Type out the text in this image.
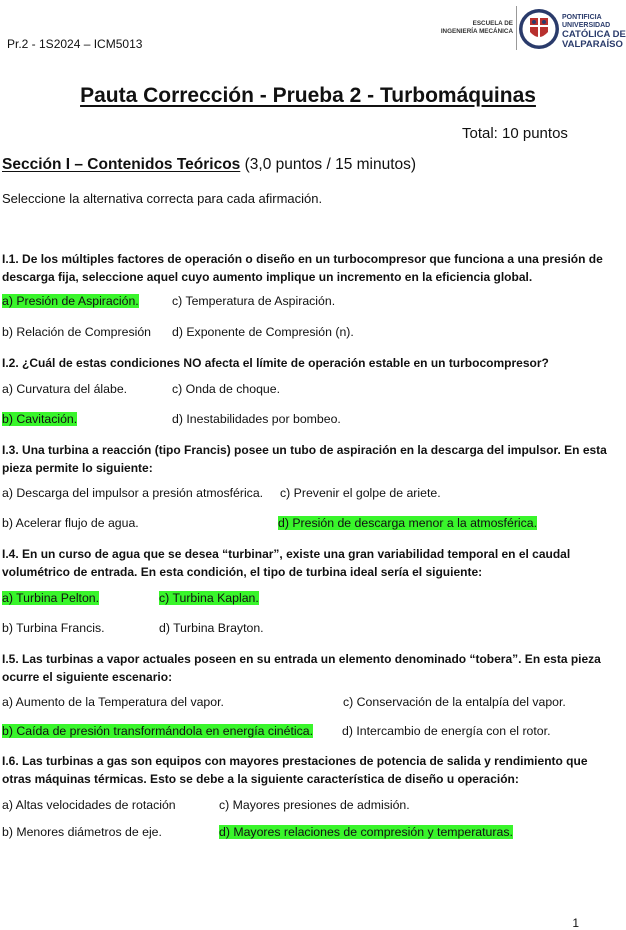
Pr.2 - 1S2024 – ICM5013
ESCUELA DE
INGENIERÍA MECÁNICA
PONTIFICIA
UNIVERSIDAD
CATÓLICA DE
VALPARAÍSO
Pauta Corrección - Prueba 2 - Turbomáquinas
Total: 10 puntos
Sección I – Contenidos Teóricos (3,0 puntos / 15 minutos)
Seleccione la alternativa correcta para cada afirmación.
I.1. De los múltiples factores de operación o diseño en un turbocompresor que funciona a una presión de descarga fija, seleccione aquel cuyo aumento implique un incremento en la eficiencia global.
a) Presión de Aspiración.	c) Temperatura de Aspiración.
b) Relación de Compresión d) Exponente de Compresión (n).
I.2. ¿Cuál de estas condiciones NO afecta el límite de operación estable en un turbocompresor?
a) Curvatura del álabe.	c) Onda de choque.
b) Cavitación.	d) Inestabilidades por bombeo.
I.3. Una turbina a reacción (tipo Francis) posee un tubo de aspiración en la descarga del impulsor. En esta pieza permite lo siguiente:
a) Descarga del impulsor a presión atmosférica. c) Prevenir el golpe de ariete.
b) Acelerar flujo de agua.	d) Presión de descarga menor a la atmosférica.
I.4. En un curso de agua que se desea “turbinar”, existe una gran variabilidad temporal en el caudal volumétrico de entrada. En esta condición, el tipo de turbina ideal sería el siguiente:
a) Turbina Pelton.	c) Turbina Kaplan.
b) Turbina Francis.	d) Turbina Brayton.
I.5. Las turbinas a vapor actuales poseen en su entrada un elemento denominado “tobera”. En esta pieza ocurre el siguiente escenario:
a) Aumento de la Temperatura del vapor.	c) Conservación de la entalpía del vapor.
b) Caída de presión transformándola en energía cinética. d) Intercambio de energía con el rotor.
I.6. Las turbinas a gas son equipos con mayores prestaciones de potencia de salida y rendimiento que otras máquinas térmicas. Esto se debe a la siguiente característica de diseño u operación:
a) Altas velocidades de rotación	c) Mayores presiones de admisión.
b) Menores diámetros de eje.	d) Mayores relaciones de compresión y temperaturas.
1
